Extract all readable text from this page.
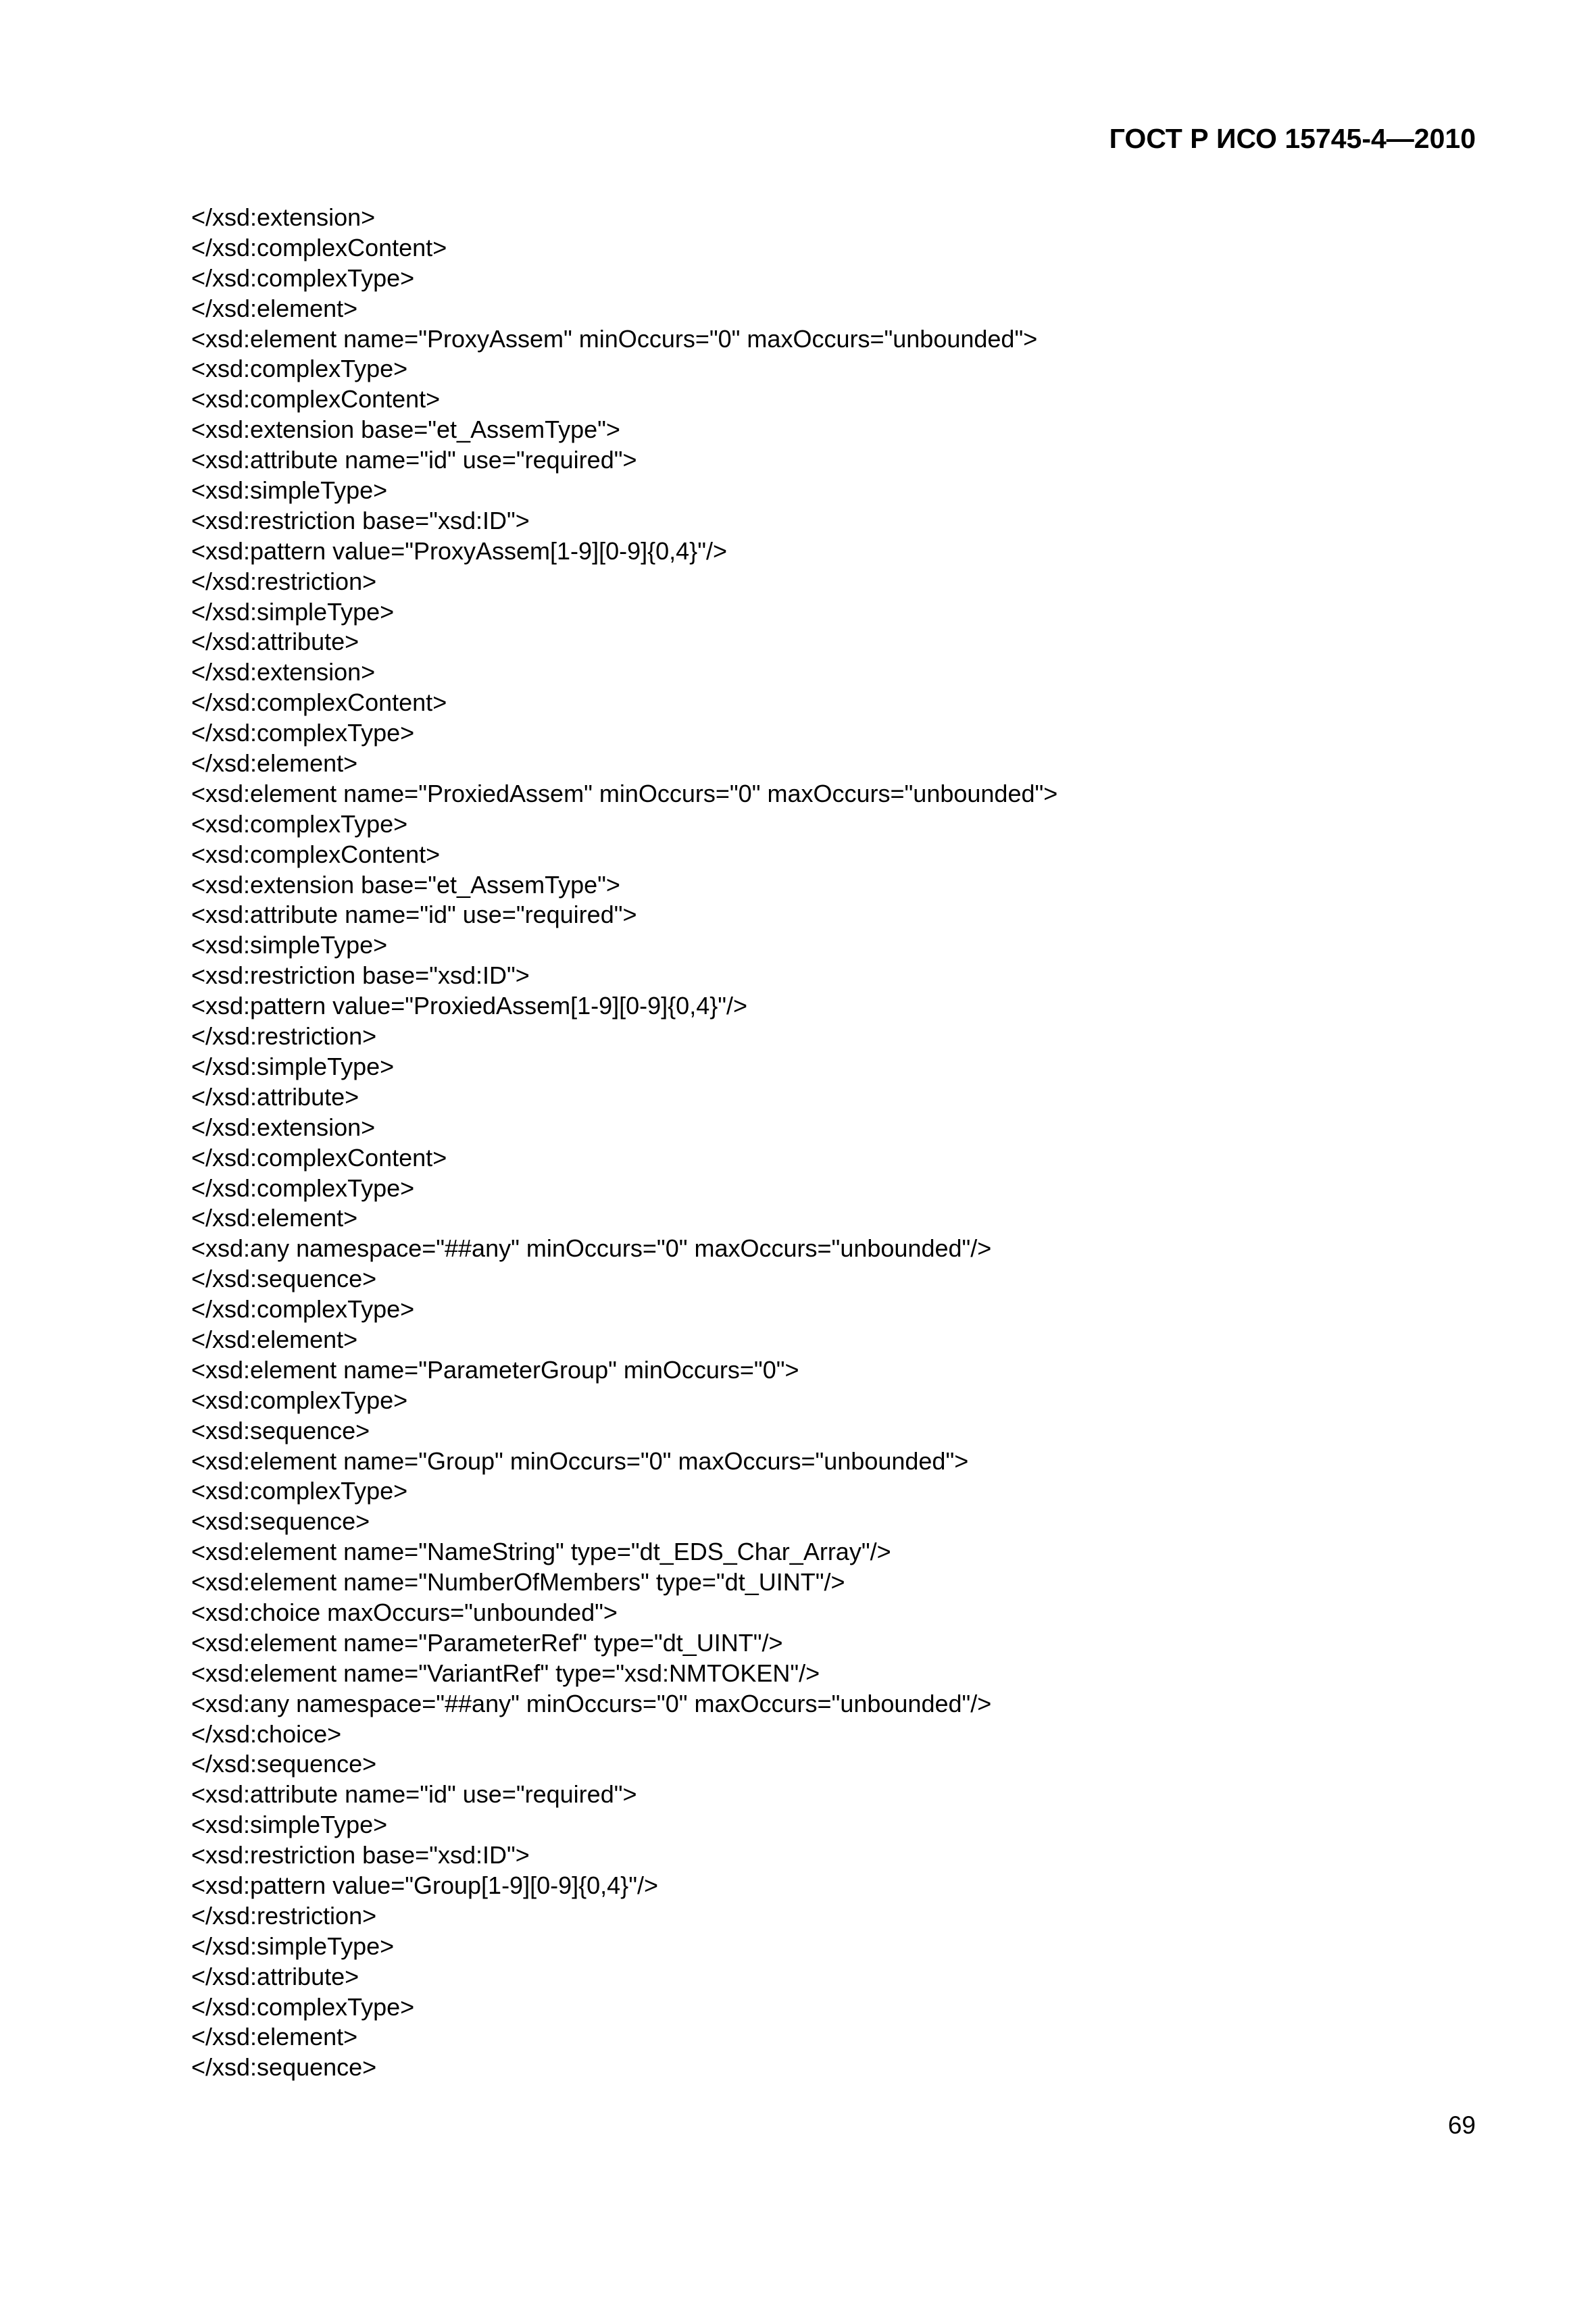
ГОСТ Р ИСО 15745-4—2010
</xsd:extension>
</xsd:complexContent>
</xsd:complexType>
</xsd:element>
<xsd:element name="ProxyAssem" minOccurs="0" maxOccurs="unbounded">
<xsd:complexType>
<xsd:complexContent>
<xsd:extension base="et_AssemType">
<xsd:attribute name="id" use="required">
<xsd:simpleType>
<xsd:restriction base="xsd:ID">
<xsd:pattern value="ProxyAssem[1-9][0-9]{0,4}"/>
</xsd:restriction>
</xsd:simpleType>
</xsd:attribute>
</xsd:extension>
</xsd:complexContent>
</xsd:complexType>
</xsd:element>
<xsd:element name="ProxiedAssem" minOccurs="0" maxOccurs="unbounded">
<xsd:complexType>
<xsd:complexContent>
<xsd:extension base="et_AssemType">
<xsd:attribute name="id" use="required">
<xsd:simpleType>
<xsd:restriction base="xsd:ID">
<xsd:pattern value="ProxiedAssem[1-9][0-9]{0,4}"/>
</xsd:restriction>
</xsd:simpleType>
</xsd:attribute>
</xsd:extension>
</xsd:complexContent>
</xsd:complexType>
</xsd:element>
<xsd:any namespace="##any" minOccurs="0" maxOccurs="unbounded"/>
</xsd:sequence>
</xsd:complexType>
</xsd:element>
<xsd:element name="ParameterGroup" minOccurs="0">
<xsd:complexType>
<xsd:sequence>
<xsd:element name="Group" minOccurs="0" maxOccurs="unbounded">
<xsd:complexType>
<xsd:sequence>
<xsd:element name="NameString" type="dt_EDS_Char_Array"/>
<xsd:element name="NumberOfMembers" type="dt_UINT"/>
<xsd:choice maxOccurs="unbounded">
<xsd:element name="ParameterRef" type="dt_UINT"/>
<xsd:element name="VariantRef" type="xsd:NMTOKEN"/>
<xsd:any namespace="##any" minOccurs="0" maxOccurs="unbounded"/>
</xsd:choice>
</xsd:sequence>
<xsd:attribute name="id" use="required">
<xsd:simpleType>
<xsd:restriction base="xsd:ID">
<xsd:pattern value="Group[1-9][0-9]{0,4}"/>
</xsd:restriction>
</xsd:simpleType>
</xsd:attribute>
</xsd:complexType>
</xsd:element>
</xsd:sequence>
69
